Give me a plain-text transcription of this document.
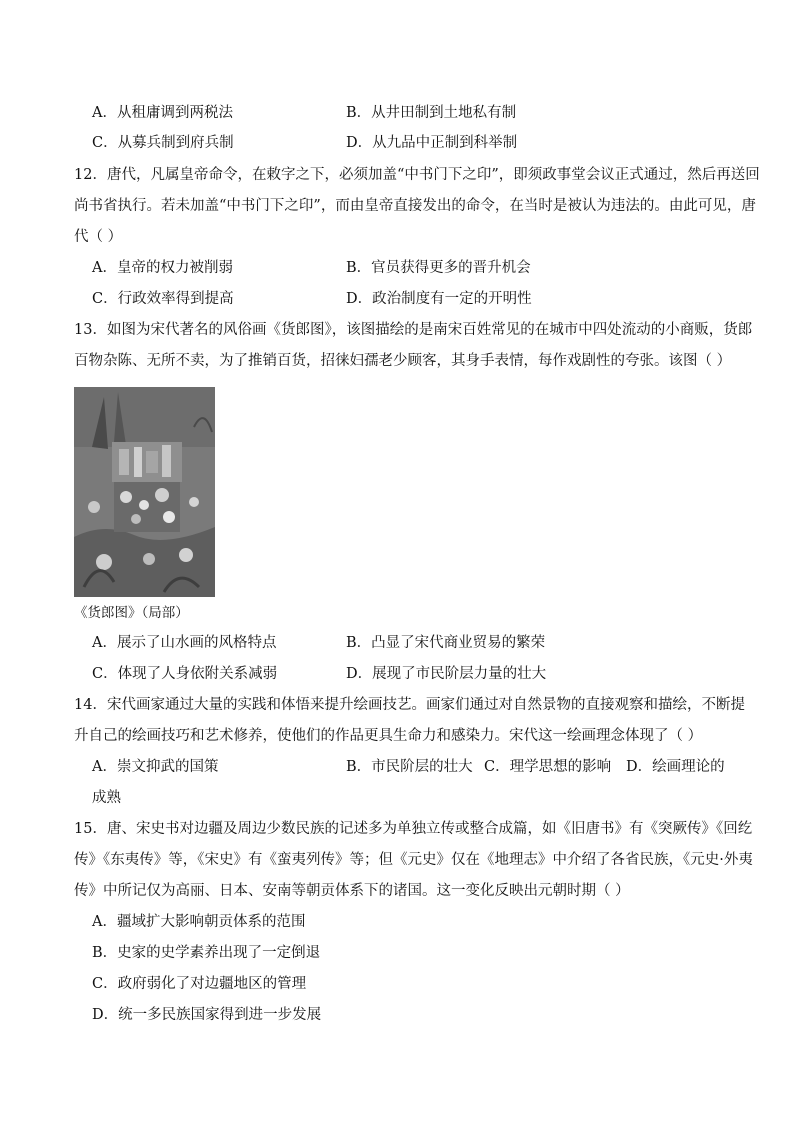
A．从租庸调到两税法	B．从井田制到土地私有制
C．从募兵制到府兵制	D．从九品中正制到科举制
12．唐代，凡属皇帝命令，在敕字之下，必须加盖“中书门下之印”，即须政事堂会议正式通过，然后再送回
尚书省执行。若未加盖“中书门下之印”，而由皇帝直接发出的命令，在当时是被认为违法的。由此可见，唐
代（ ）
A．皇帝的权力被削弱	B．官员获得更多的晋升机会
C．行政效率得到提高	D．政治制度有一定的开明性
13．如图为宋代著名的风俗画《货郎图》，该图描绘的是南宋百姓常见的在城市中四处流动的小商贩，货郎
百物杂陈、无所不卖，为了推销百货，招徕妇孺老少顾客，其身手表情，每作戏剧性的夸张。该图（ ）
《货郎图》（局部）
A．展示了山水画的风格特点	B．凸显了宋代商业贸易的繁荣
C．体现了人身依附关系减弱	D．展现了市民阶层力量的壮大
14．宋代画家通过大量的实践和体悟来提升绘画技艺。画家们通过对自然景物的直接观察和描绘，不断提
升自己的绘画技巧和艺术修养，使他们的作品更具生命力和感染力。宋代这一绘画理念体现了（ ）
A．崇文抑武的国策	B．市民阶层的壮大 C．理学思想的影响 D．绘画理论的
成熟
15．唐、宋史书对边疆及周边少数民族的记述多为单独立传或整合成篇，如《旧唐书》有《突厥传》《回纥
传》《东夷传》等，《宋史》有《蛮夷列传》等；但《元史》仅在《地理志》中介绍了各省民族，《元史·外夷
传》中所记仅为高丽、日本、安南等朝贡体系下的诸国。这一变化反映出元朝时期（ ）
A．疆域扩大影响朝贡体系的范围
B．史家的史学素养出现了一定倒退
C．政府弱化了对边疆地区的管理
D．统一多民族国家得到进一步发展
